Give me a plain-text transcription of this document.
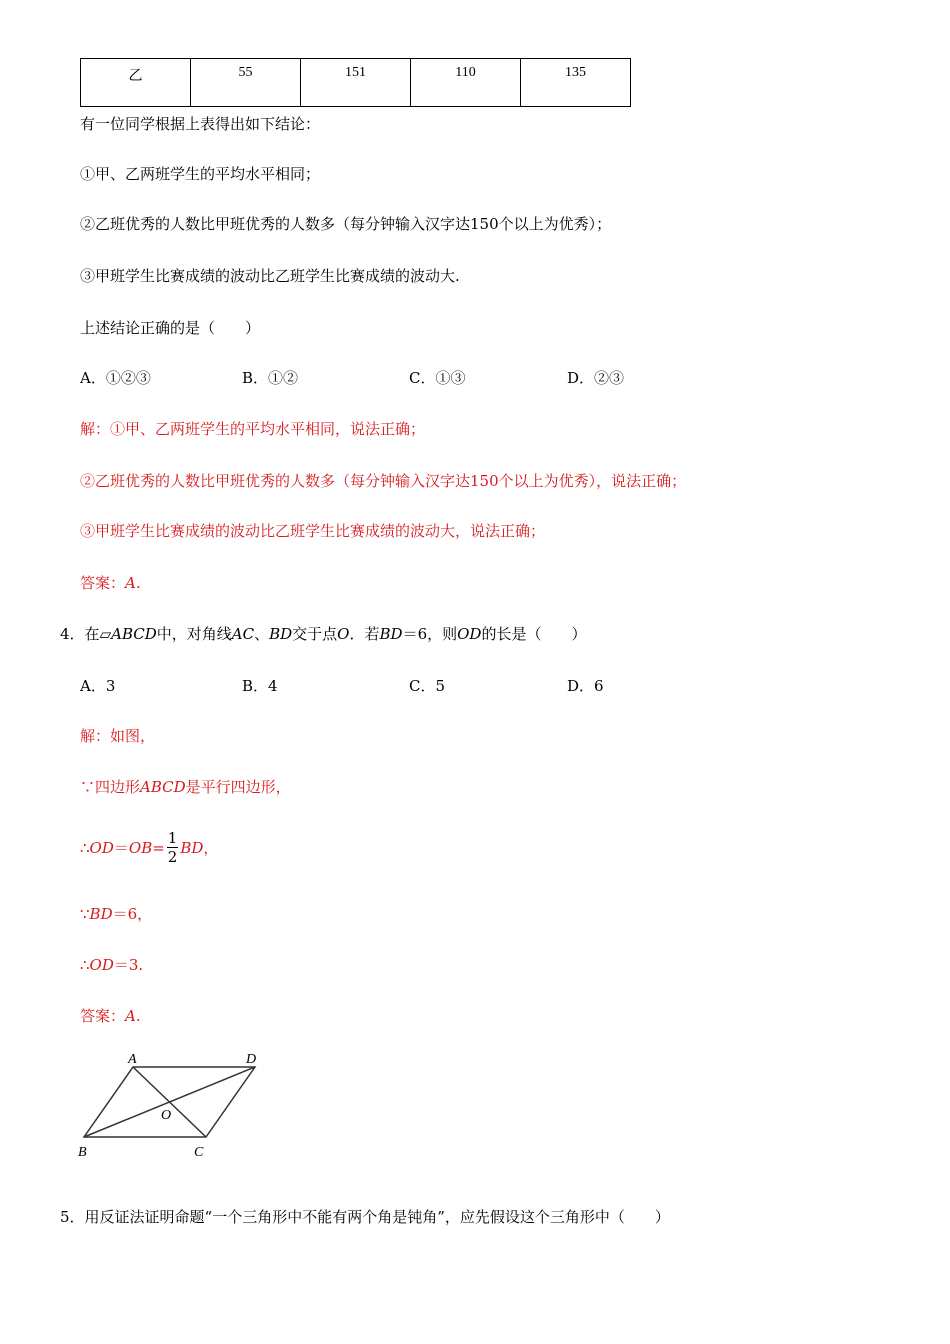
乙	55	151	110	135
有一位同学根据上表得出如下结论：
①甲、乙两班学生的平均水平相同；
②乙班优秀的人数比甲班优秀的人数多（每分钟输入汉字达150个以上为优秀）；
③甲班学生比赛成绩的波动比乙班学生比赛成绩的波动大.
上述结论正确的是（　　）
A．①②③	B．①②	C．①③	D．②③
解：①甲、乙两班学生的平均水平相同，说法正确；
②乙班优秀的人数比甲班优秀的人数多（每分钟输入汉字达150个以上为优秀），说法正确；
③甲班学生比赛成绩的波动比乙班学生比赛成绩的波动大，说法正确；
答案：A.
4．在▱ABCD中，对角线AC、BD交于点O．若BD＝6，则OD的长是（　　）
A．3	B．4	C．5	D．6
解：如图，
∵四边形ABCD是平行四边形，
∴OD＝OB= $\frac{1}{2}$ BD，
∵BD＝6，
∴OD＝3.
答案：A.
A	D
O
B	C
5．用反证法证明命题“一个三角形中不能有两个角是钝角”，应先假设这个三角形中（　　）
